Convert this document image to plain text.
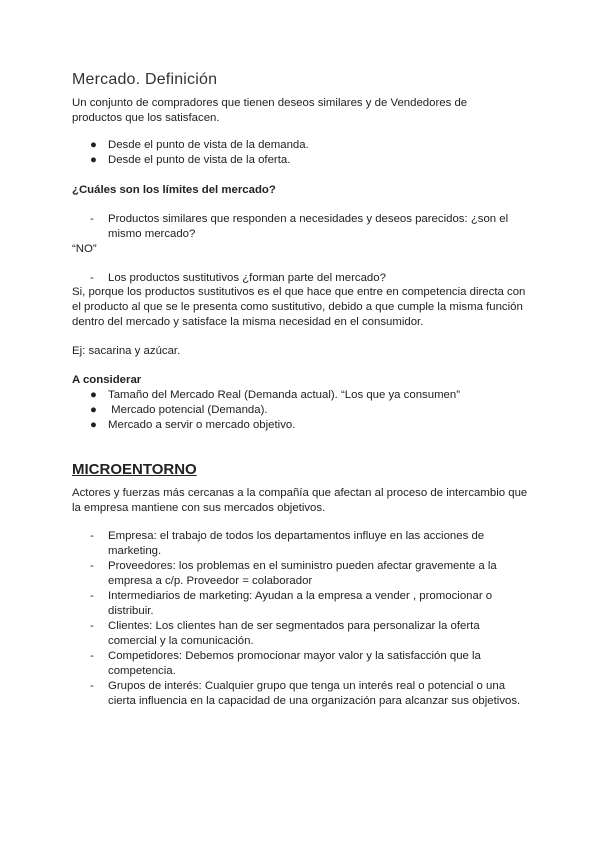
Mercado. Definición

Un conjunto de compradores que tienen deseos similares y de Vendedores de productos que los satisfacen.

● Desde el punto de vista de la demanda.
● Desde el punto de vista de la oferta.

¿Cuáles son los límites del mercado?

-	Productos similares que responden a necesidades y deseos parecidos: ¿son el mismo mercado?

“NO”

-	Los productos sustitutivos ¿forman parte del mercado?

Si, porque los productos sustitutivos es el que hace que entre en competencia directa con el producto al que se le presenta como sustitutivo, debido a que cumple la misma función dentro del mercado y satisface la misma necesidad en el consumidor.

Ej: sacarina y azúcar.

A considerar

● Tamaño del Mercado Real (Demanda actual). “Los que ya consumen”
● Mercado potencial (Demanda).
● Mercado a servir o mercado objetivo.
MICROENTORNO

Actores y fuerzas más cercanas a la compañía que afectan al proceso de intercambio que la empresa mantiene con sus mercados objetivos.

-	Empresa: el trabajo de todos los departamentos influye en las acciones de marketing.
-	Proveedores: los problemas en el suministro pueden afectar gravemente a la empresa a c/p. Proveedor = colaborador
-	Intermediarios de marketing: Ayudan a la empresa a vender , promocionar o distribuir.
-	Clientes: Los clientes han de ser segmentados para personalizar la oferta comercial y la comunicación.
-	Competidores: Debemos promocionar mayor valor y la satisfacción que la competencia.
-	Grupos de interés: Cualquier grupo que tenga un interés real o potencial o una cierta influencia en la capacidad de una organización para alcanzar sus objetivos.
